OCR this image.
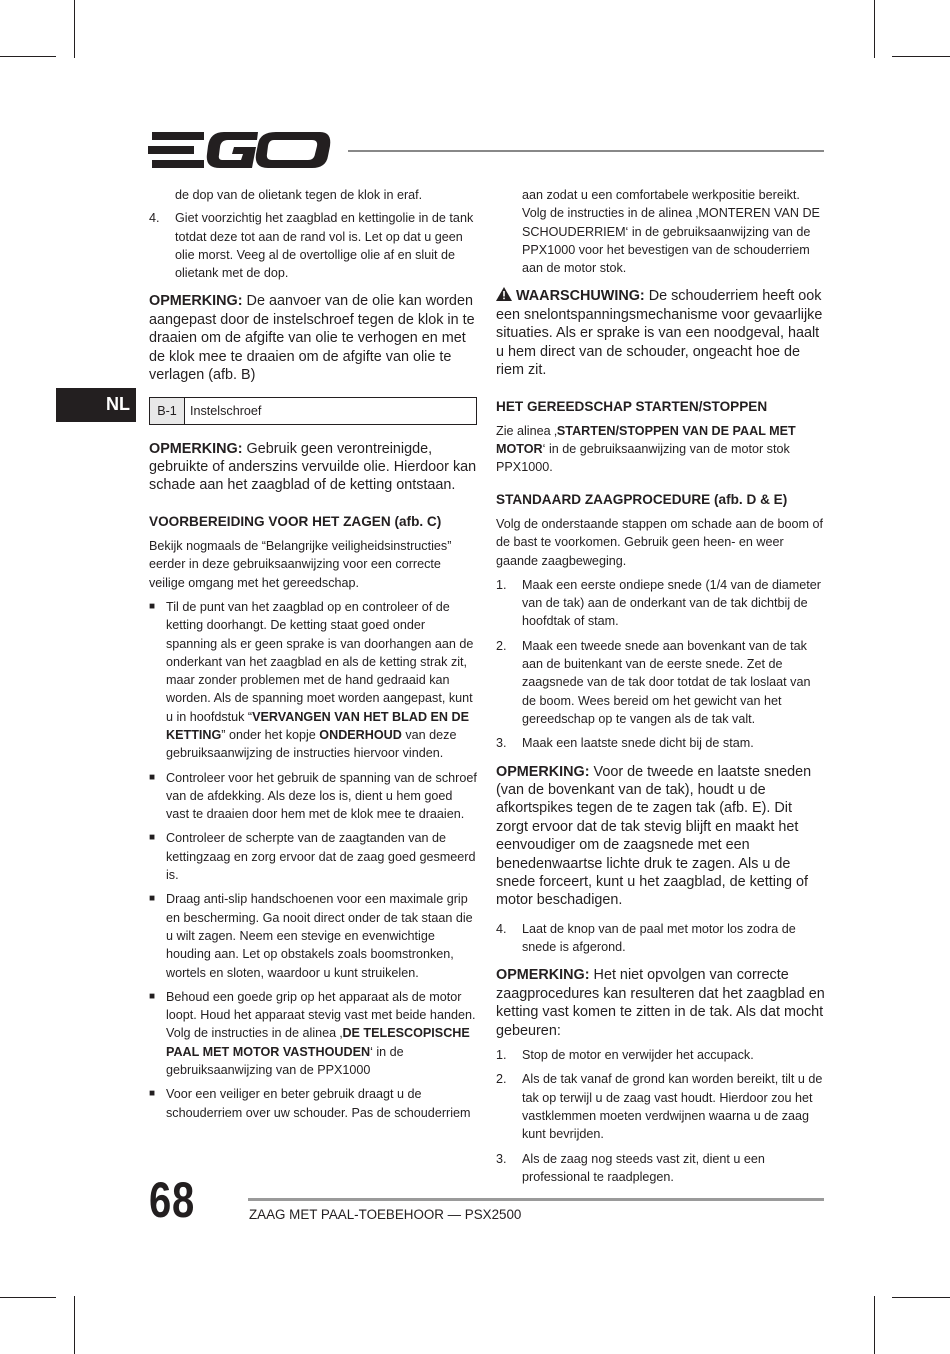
NL

de dop van de olietank tegen de klok in eraf.

4.	Giet voorzichtig het zaagblad en kettingolie in de tank totdat deze tot aan de rand vol is. Let op dat u geen olie morst. Veeg al de overtollige olie af en sluit de olietank met de dop.

OPMERKING: De aanvoer van de olie kan worden aangepast door de instelschroef tegen de klok in te draaien om de afgifte van olie te verhogen en met de klok mee te draaien om de afgifte van olie te verlagen (afb. B)

B-1	Instelschroef

OPMERKING: Gebruik geen verontreinigde, gebruikte of anderszins vervuilde olie. Hierdoor kan schade aan het zaagblad of de ketting ontstaan.

VOORBEREIDING VOOR HET ZAGEN (afb. C)

Bekijk nogmaals de “Belangrijke veiligheidsinstructies” eerder in deze gebruiksaanwijzing voor een correcte veilige omgang met het gereedschap.

■ Til de punt van het zaagblad op en controleer of de ketting doorhangt. De ketting staat goed onder spanning als er geen sprake is van doorhangen aan de onderkant van het zaagblad en als de ketting strak zit, maar zonder problemen met de hand gedraaid kan worden. Als de spanning moet worden aangepast, kunt u in hoofdstuk “VERVANGEN VAN HET BLAD EN DE KETTING” onder het kopje ONDERHOUD van deze gebruiksaanwijzing de instructies hiervoor vinden.
■ Controleer voor het gebruik de spanning van de schroef van de afdekking. Als deze los is, dient u hem goed vast te draaien door hem met de klok mee te draaien.
■ Controleer de scherpte van de zaagtanden van de kettingzaag en zorg ervoor dat de zaag goed gesmeerd is.
■ Draag anti-slip handschoenen voor een maximale grip en bescherming. Ga nooit direct onder de tak staan die u wilt zagen. Neem een stevige en evenwichtige houding aan. Let op obstakels zoals boomstronken, wortels en sloten, waardoor u kunt struikelen.
■ Behoud een goede grip op het apparaat als de motor loopt. Houd het apparaat stevig vast met beide handen. Volg de instructies in de alinea ‚DE TELESCOPISCHE PAAL MET MOTOR VASTHOUDEN‘ in de gebruiksaanwijzing van de PPX1000
■ Voor een veiliger en beter gebruik draagt u de schouderriem over uw schouder. Pas de schouderriem

aan zodat u een comfortabele werkpositie bereikt. Volg de instructies in de alinea ‚MONTEREN VAN DE SCHOUDERRIEM‘ in de gebruiksaanwijzing van de PPX1000 voor het bevestigen van de schouderriem aan de motor stok.

WAARSCHUWING: De schouderriem heeft ook een snelontspanningsmechanisme voor gevaarlijke situaties. Als er sprake is van een noodgeval, haalt u hem direct van de schouder, ongeacht hoe de riem zit.

HET GEREEDSCHAP STARTEN/STOPPEN

Zie alinea ‚STARTEN/STOPPEN VAN DE PAAL MET MOTOR‘ in de gebruiksaanwijzing van de motor stok PPX1000.

STANDAARD ZAAGPROCEDURE (afb. D & E)

Volg de onderstaande stappen om schade aan de boom of de bast te voorkomen. Gebruik geen heen- en weer gaande zaagbeweging.

1.	Maak een eerste ondiepe snede (1/4 van de diameter van de tak) aan de onderkant van de tak dichtbij de hoofdtak of stam.
2.	Maak een tweede snede aan bovenkant van de tak aan de buitenkant van de eerste snede. Zet de zaagsnede van de tak door totdat de tak loslaat van de boom. Wees bereid om het gewicht van het gereedschap op te vangen als de tak valt.
3.	Maak een laatste snede dicht bij de stam.

OPMERKING: Voor de tweede en laatste sneden (van de bovenkant van de tak), houdt u de afkortspikes tegen de te zagen tak (afb. E). Dit zorgt ervoor dat de tak stevig blijft en maakt het eenvoudiger om de zaagsnede met een benedenwaartse lichte druk te zagen. Als u de snede forceert, kunt u het zaagblad, de ketting of motor beschadigen.

4.	Laat de knop van de paal met motor los zodra de snede is afgerond.

OPMERKING: Het niet opvolgen van correcte zaagprocedures kan resulteren dat het zaagblad en ketting vast komen te zitten in de tak. Als dat mocht gebeuren:

1.	Stop de motor en verwijder het accupack.
2.	Als de tak vanaf de grond kan worden bereikt, tilt u de tak op terwijl u de zaag vast houdt. Hierdoor zou het vastklemmen moeten verdwijnen waarna u de zaag kunt bevrijden.
3.	Als de zaag nog steeds vast zit, dient u een professional te raadplegen.
68	ZAAG MET PAAL-TOEBEHOOR — PSX2500
